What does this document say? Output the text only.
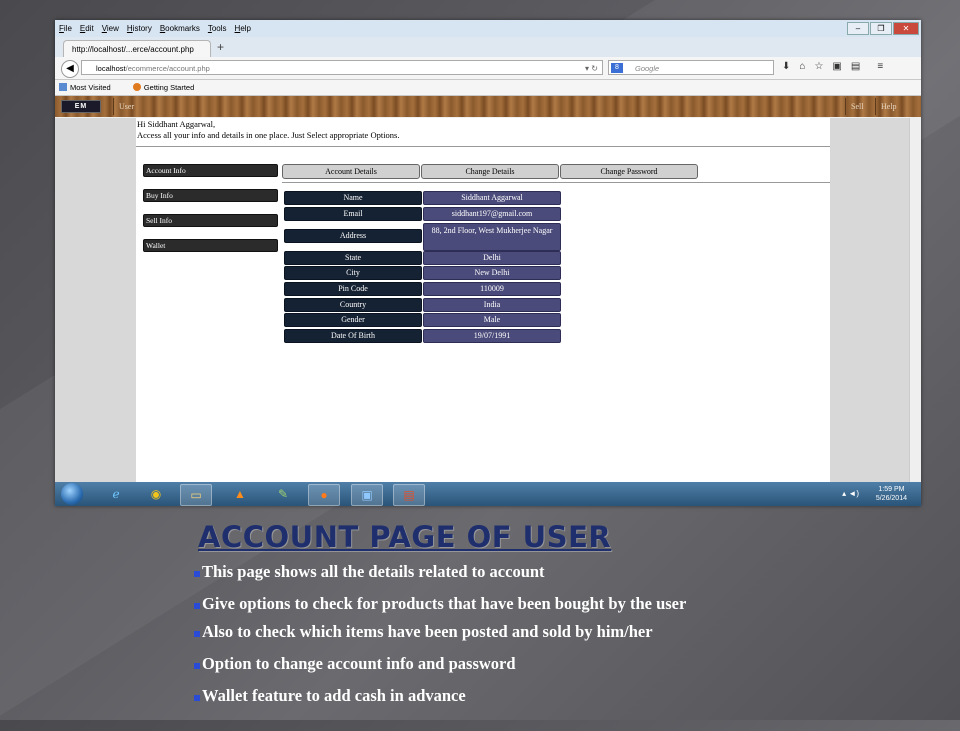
File Edit View History Bookmarks Tools Help	–	❐	✕
http://localhost/...erce/account.php	+
◀	localhost/ecommerce/account.php	▾ ↻	8	Google	⬇ ⌂ ☆ ▣ ▤ ≡
Most Visited	Getting Started
EM	User	Sell	Help
Hi Siddhant Aggarwal,
Access all your info and details in one place. Just Select appropriate Options.
Account Info
Buy Info
Sell Info
Wallet
Account Details	Change Details	Change Password
Name	Siddhant Aggarwal
Email	siddhant197@gmail.com
Address
88, 2nd Floor, West Mukherjee Nagar
State	Delhi
City	New Delhi
Pin Code	110009
Country	India
Gender	Male
Date Of Birth	19/07/1991
ℯ	◉	▭	▲	✎	●	▣	▤	▴ ◄)	1:59 PM
5/26/2014
ACCOUNT PAGE OF USER
This page shows all the details related to account
Give options to check for products that have been bought by the user
Also to check which items have been posted and sold by him/her
Option to change account info and password
Wallet feature to add cash in advance
